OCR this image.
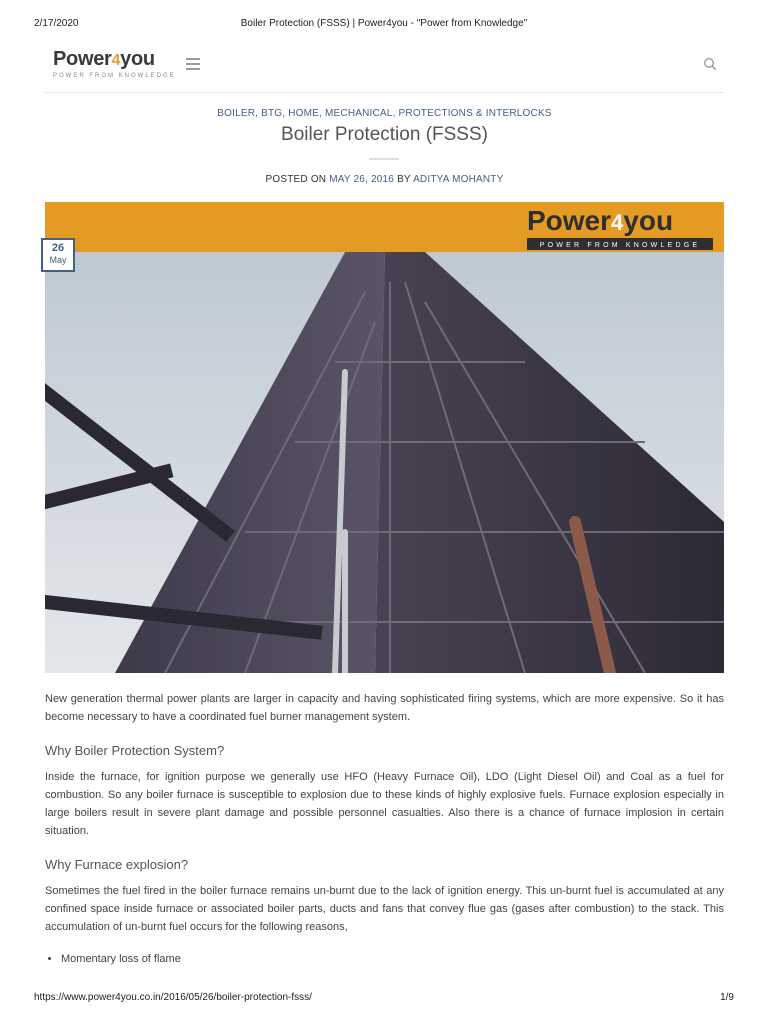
2/17/2020	Boiler Protection (FSSS) | Power4you - "Power from Knowledge"
Power4you
POWER FROM KNOWLEDGE
BOILER, BTG, HOME, MECHANICAL, PROTECTIONS & INTERLOCKS
Boiler Protection (FSSS)
POSTED ON MAY 26, 2016 BY ADITYA MOHANTY
Power4you
POWER FROM KNOWLEDGE
26
May

New generation thermal power plants are larger in capacity and having sophisticated firing systems, which are more expensive. So it has become necessary to have a coordinated fuel burner management system.

Why Boiler Protection System?

Inside the furnace, for ignition purpose we generally use HFO (Heavy Furnace Oil), LDO (Light Diesel Oil) and Coal as a fuel for combustion. So any boiler furnace is susceptible to explosion due to these kinds of highly explosive fuels. Furnace explosion especially in large boilers result in severe plant damage and possible personnel casualties. Also there is a chance of furnace implosion in certain situation.

Why Furnace explosion?

Sometimes the fuel fired in the boiler furnace remains un-burnt due to the lack of ignition energy. This un-burnt fuel is accumulated at any confined space inside furnace or associated boiler parts, ducts and fans that convey flue gas (gases after combustion) to the stack. This accumulation of un-burnt fuel occurs for the following reasons,

• Momentary loss of flame
https://www.power4you.co.in/2016/05/26/boiler-protection-fsss/	1/9
